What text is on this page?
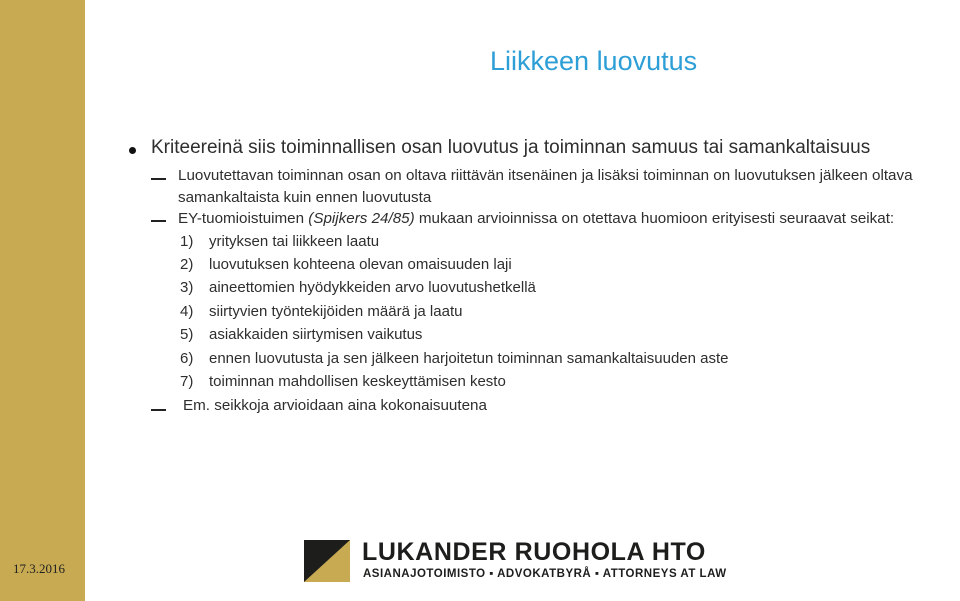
17.3.2016
Liikkeen luovutus
Kriteereinä siis toiminnallisen osan luovutus ja toiminnan samuus tai samankaltaisuus
Luovutettavan toiminnan osan on oltava riittävän itsenäinen ja lisäksi toiminnan on luovutuksen jälkeen oltava
samankaltaista kuin ennen luovutusta
EY-tuomioistuimen (Spijkers 24/85) mukaan arvioinnissa on otettava huomioon erityisesti seuraavat seikat:
1) yrityksen tai liikkeen laatu
2) luovutuksen kohteena olevan omaisuuden laji
3) aineettomien hyödykkeiden arvo luovutushetkellä
4) siirtyvien työntekijöiden määrä ja laatu
5) asiakkaiden siirtymisen vaikutus
6) ennen luovutusta ja sen jälkeen harjoitetun toiminnan samankaltaisuuden aste
7) toiminnan mahdollisen keskeyttämisen kesto
Em. seikkoja arvioidaan aina kokonaisuutena
LUKANDER RUOHOLA HTO
ASIANAJOTOIMISTO ▪ ADVOKATBYRÅ ▪ ATTORNEYS AT LAW
